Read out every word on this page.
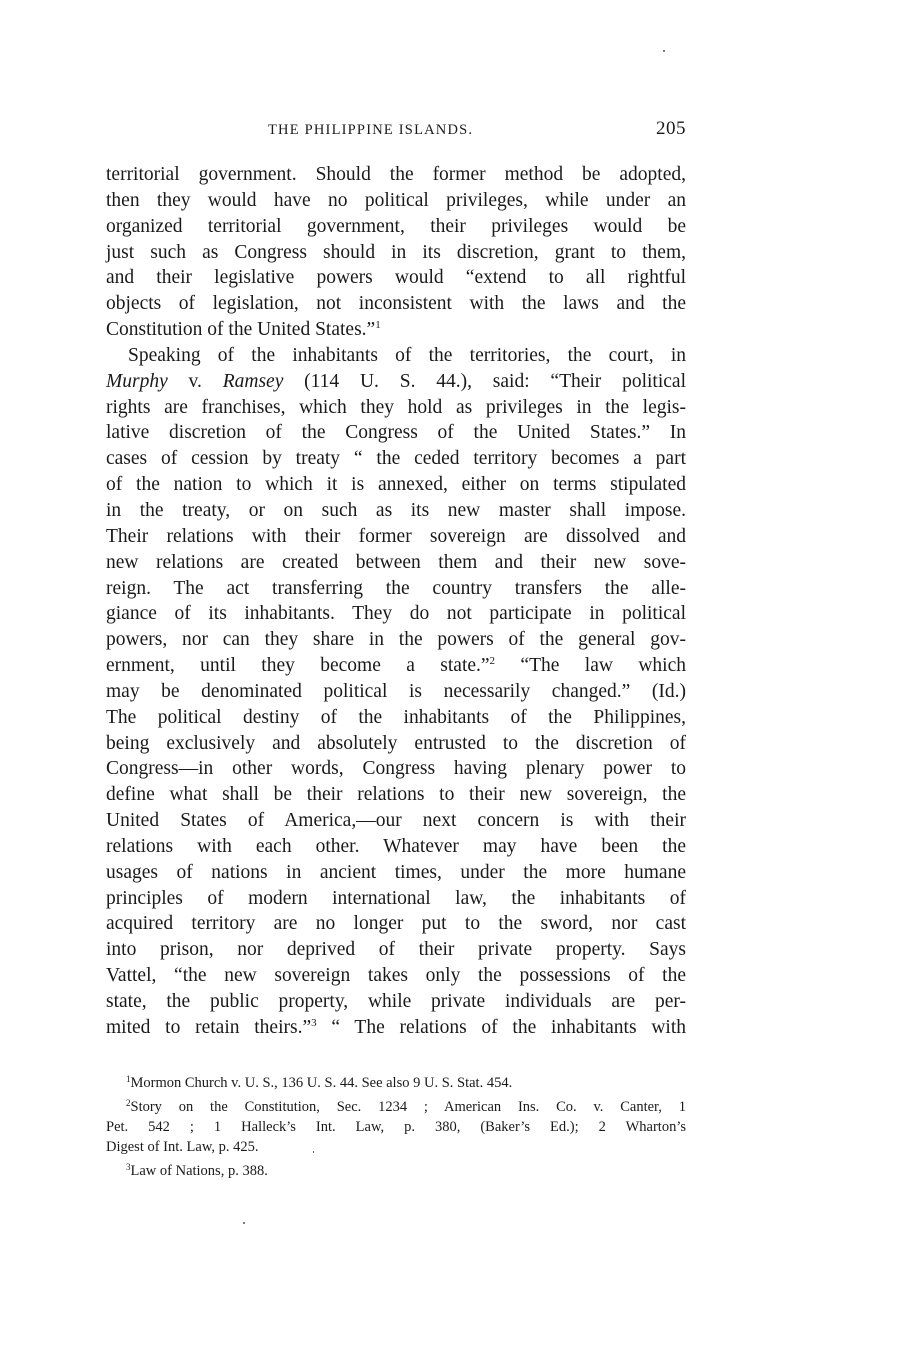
THE PHILIPPINE ISLANDS.	205
territorial government. Should the former method be adopted,
then they would have no political privileges, while under an
organized territorial government, their privileges would be
just such as Congress should in its discretion, grant to them,
and their legislative powers would “extend to all rightful
objects of legislation, not inconsistent with the laws and the
Constitution of the United States.”$^1$
Speaking of the inhabitants of the territories, the court, in
Murphy v. Ramsey (114 U. S. 44.), said: “Their political
rights are franchises, which they hold as privileges in the legis-
lative discretion of the Congress of the United States.” In
cases of cession by treaty “ the ceded territory becomes a part
of the nation to which it is annexed, either on terms stipulated
in the treaty, or on such as its new master shall impose.
Their relations with their former sovereign are dissolved and
new relations are created between them and their new sove-
reign. The act transferring the country transfers the alle-
giance of its inhabitants. They do not participate in political
powers, nor can they share in the powers of the general gov-
ernment, until they become a state.”$^2$ “The law which
may be denominated political is necessarily changed.” (Id.)
The political destiny of the inhabitants of the Philippines,
being exclusively and absolutely entrusted to the discretion of
Congress—in other words, Congress having plenary power to
define what shall be their relations to their new sovereign, the
United States of America,—our next concern is with their
relations with each other. Whatever may have been the
usages of nations in ancient times, under the more humane
principles of modern international law, the inhabitants of
acquired territory are no longer put to the sword, nor cast
into prison, nor deprived of their private property. Says
Vattel, “the new sovereign takes only the possessions of the
state, the public property, while private individuals are per-
mited to retain theirs.”$^3$ “ The relations of the inhabitants with
$^1$Mormon Church v. U. S., 136 U. S. 44. See also 9 U. S. Stat. 454.
$^2$Story on the Constitution, Sec. 1234 ; American Ins. Co. v. Canter, 1
Pet. 542 ; 1 Halleck’s Int. Law, p. 380, (Baker’s Ed.); 2 Wharton’s
Digest of Int. Law, p. 425.
$^3$Law of Nations, p. 388.
